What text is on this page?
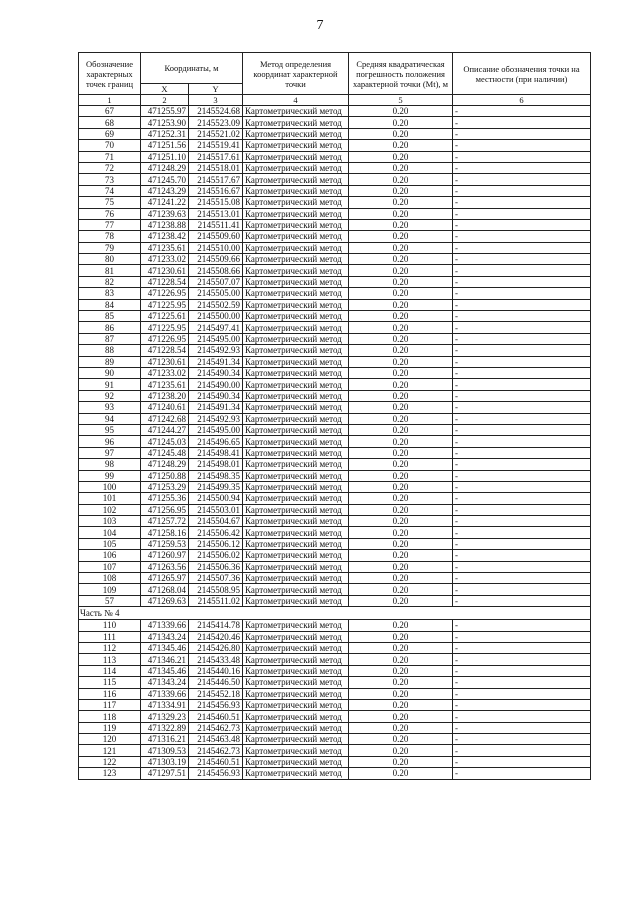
7
Обозначение характерных точек границ	Координаты, м		Метод определения координат характерной точки	Средняя квадратическая погрешность положения характерной точки (Mt), м	Описание обозначения точки на местности (при наличии)
	X	Y			
1	2	3	4	5	6
67	471255.97	2145524.68	Картометрический метод	0.20	-
68	471253.90	2145523.09	Картометрический метод	0.20	-
69	471252.31	2145521.02	Картометрический метод	0.20	-
70	471251.56	2145519.41	Картометрический метод	0.20	-
71	471251.10	2145517.61	Картометрический метод	0.20	-
72	471248.29	2145518.01	Картометрический метод	0.20	-
73	471245.70	2145517.67	Картометрический метод	0.20	-
74	471243.29	2145516.67	Картометрический метод	0.20	-
75	471241.22	2145515.08	Картометрический метод	0.20	-
76	471239.63	2145513.01	Картометрический метод	0.20	-
77	471238.88	2145511.41	Картометрический метод	0.20	-
78	471238.42	2145509.60	Картометрический метод	0.20	-
79	471235.61	2145510.00	Картометрический метод	0.20	-
80	471233.02	2145509.66	Картометрический метод	0.20	-
81	471230.61	2145508.66	Картометрический метод	0.20	-
82	471228.54	2145507.07	Картометрический метод	0.20	-
83	471226.95	2145505.00	Картометрический метод	0.20	-
84	471225.95	2145502.59	Картометрический метод	0.20	-
85	471225.61	2145500.00	Картометрический метод	0.20	-
86	471225.95	2145497.41	Картометрический метод	0.20	-
87	471226.95	2145495.00	Картометрический метод	0.20	-
88	471228.54	2145492.93	Картометрический метод	0.20	-
89	471230.61	2145491.34	Картометрический метод	0.20	-
90	471233.02	2145490.34	Картометрический метод	0.20	-
91	471235.61	2145490.00	Картометрический метод	0.20	-
92	471238.20	2145490.34	Картометрический метод	0.20	-
93	471240.61	2145491.34	Картометрический метод	0.20	-
94	471242.68	2145492.93	Картометрический метод	0.20	-
95	471244.27	2145495.00	Картометрический метод	0.20	-
96	471245.03	2145496.65	Картометрический метод	0.20	-
97	471245.48	2145498.41	Картометрический метод	0.20	-
98	471248.29	2145498.01	Картометрический метод	0.20	-
99	471250.88	2145498.35	Картометрический метод	0.20	-
100	471253.29	2145499.35	Картометрический метод	0.20	-
101	471255.36	2145500.94	Картометрический метод	0.20	-
102	471256.95	2145503.01	Картометрический метод	0.20	-
103	471257.72	2145504.67	Картометрический метод	0.20	-
104	471258.16	2145506.42	Картометрический метод	0.20	-
105	471259.53	2145506.12	Картометрический метод	0.20	-
106	471260.97	2145506.02	Картометрический метод	0.20	-
107	471263.56	2145506.36	Картометрический метод	0.20	-
108	471265.97	2145507.36	Картометрический метод	0.20	-
109	471268.04	2145508.95	Картометрический метод	0.20	-
57	471269.63	2145511.02	Картометрический метод	0.20	-
Часть № 4					
110	471339.66	2145414.78	Картометрический метод	0.20	-
111	471343.24	2145420.46	Картометрический метод	0.20	-
112	471345.46	2145426.80	Картометрический метод	0.20	-
113	471346.21	2145433.48	Картометрический метод	0.20	-
114	471345.46	2145440.16	Картометрический метод	0.20	-
115	471343.24	2145446.50	Картометрический метод	0.20	-
116	471339.66	2145452.18	Картометрический метод	0.20	-
117	471334.91	2145456.93	Картометрический метод	0.20	-
118	471329.23	2145460.51	Картометрический метод	0.20	-
119	471322.89	2145462.73	Картометрический метод	0.20	-
120	471316.21	2145463.48	Картометрический метод	0.20	-
121	471309.53	2145462.73	Картометрический метод	0.20	-
122	471303.19	2145460.51	Картометрический метод	0.20	-
123	471297.51	2145456.93	Картометрический метод	0.20	-
